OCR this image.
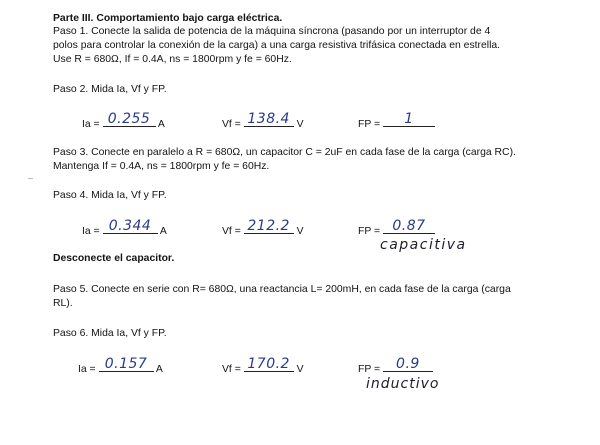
Parte III. Comportamiento bajo carga eléctrica.

Paso 1. Conecte la salida de potencia de la máquina síncrona (pasando por un interruptor de 4

polos para controlar la conexión de la carga) a una carga resistiva trifásica conectada en estrella.

Use R = 680Ω, If = 0.4A, ns = 1800rpm y fe = 60Hz.

Paso 2. Mida Ia, Vf y FP.

Ia = 0.255 A	Vf = 138.4 V	FP =	1

Paso 3. Conecte en paralelo a R = 680Ω, un capacitor C = 2uF en cada fase de la carga (carga RC).

Mantenga If = 0.4A, ns = 1800rpm y fe = 60Hz.

Paso 4. Mida Ia, Vf y FP.

Ia = 0.344 A	Vf = 212.2 V	FP = 0.87
capacitiva

Desconecte el capacitor.

Paso 5. Conecte en serie con R= 680Ω, una reactancia L= 200mH, en cada fase de la carga (carga

RL).

Paso 6. Mida Ia, Vf y FP.

Ia = 0.157 A	Vf = 170.2 V	FP =	0.9
inductivo
